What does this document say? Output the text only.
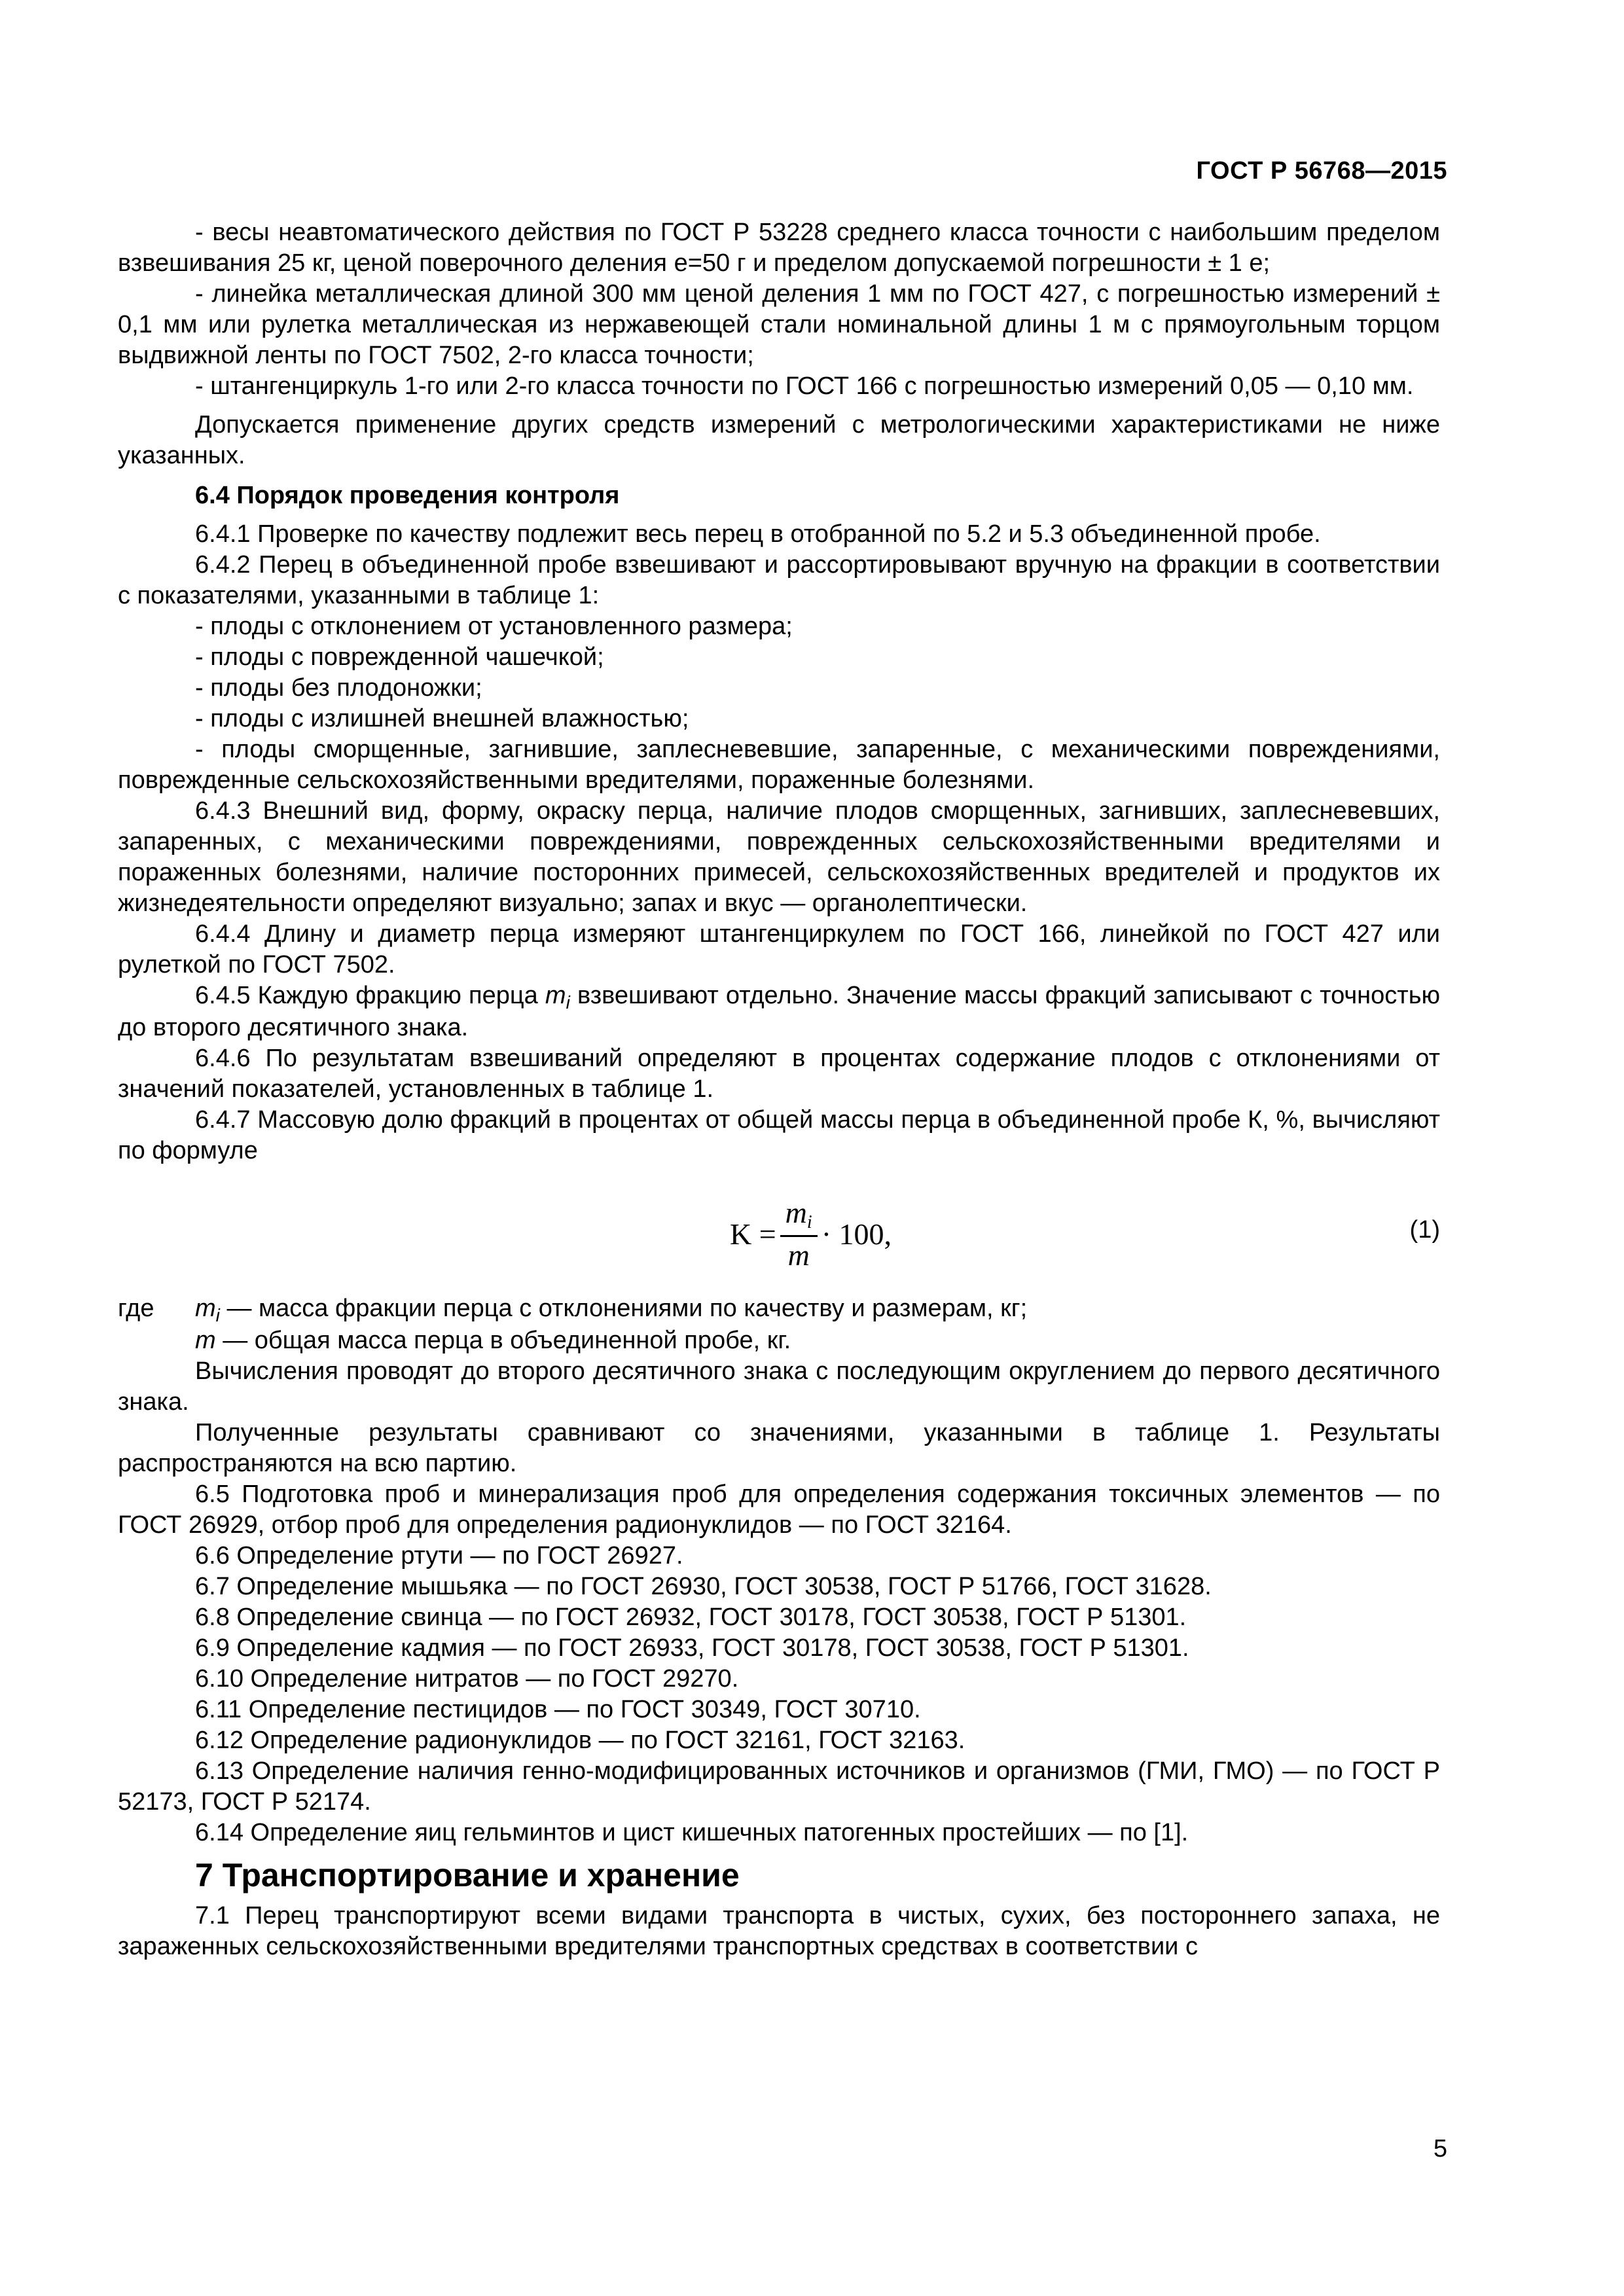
ГОСТ Р 56768—2015

- весы неавтоматического действия по ГОСТ Р 53228 среднего класса точности с наибольшим пределом взвешивания 25 кг, ценой поверочного деления е=50 г и пределом допускаемой погрешности ± 1 е;

- линейка металлическая длиной 300 мм ценой деления 1 мм по ГОСТ 427, с погрешностью измерений ± 0,1 мм или рулетка металлическая из нержавеющей стали номинальной длины 1 м с прямоугольным торцом выдвижной ленты по ГОСТ 7502, 2-го класса точности;

- штангенциркуль 1-го или 2-го класса точности по ГОСТ 166 с погрешностью измерений 0,05 — 0,10 мм.

Допускается применение других средств измерений с метрологическими характеристиками не ниже указанных.

6.4 Порядок проведения контроля

6.4.1 Проверке по качеству подлежит весь перец в отобранной по 5.2 и 5.3 объединенной пробе.

6.4.2 Перец в объединенной пробе взвешивают и рассортировывают вручную на фракции в соответствии с показателями, указанными в таблице 1:

- плоды с отклонением от установленного размера;

- плоды с поврежденной чашечкой;

- плоды без плодоножки;

- плоды с излишней внешней влажностью;

- плоды сморщенные, загнившие, заплесневевшие, запаренные, с механическими повреждениями, поврежденные сельскохозяйственными вредителями, пораженные болезнями.

6.4.3 Внешний вид, форму, окраску перца, наличие плодов сморщенных, загнивших, заплесневевших, запаренных, с механическими повреждениями, поврежденных сельскохозяйственными вредителями и пораженных болезнями, наличие посторонних примесей, сельскохозяйственных вредителей и продуктов их жизнедеятельности определяют визуально; запах и вкус — органолептически.

6.4.4 Длину и диаметр перца измеряют штангенциркулем по ГОСТ 166, линейкой по ГОСТ 427 или рулеткой по ГОСТ 7502.

6.4.5 Каждую фракцию перца $m_i$ взвешивают отдельно. Значение массы фракций записывают с точностью до второго десятичного знака.

6.4.6 По результатам взвешиваний определяют в процентах содержание плодов с отклонениями от значений показателей, установленных в таблице 1.

6.4.7 Массовую долю фракций в процентах от общей массы перца в объединенной пробе К, %, вычисляют по формуле

$K = \frac{mi}{m} \cdot 100$,	(1)
где $m_i$ — масса фракции перца с отклонениями по качеству и размерам, кг;
m — общая масса перца в объединенной пробе, кг.

Вычисления проводят до второго десятичного знака с последующим округлением до первого десятичного знака.

Полученные результаты сравнивают со значениями, указанными в таблице 1. Результаты распространяются на всю партию.

6.5 Подготовка проб и минерализация проб для определения содержания токсичных элементов — по ГОСТ 26929, отбор проб для определения радионуклидов — по ГОСТ 32164.

6.6 Определение ртути — по ГОСТ 26927.

6.7 Определение мышьяка — по ГОСТ 26930, ГОСТ 30538, ГОСТ Р 51766, ГОСТ 31628.

6.8 Определение свинца — по ГОСТ 26932, ГОСТ 30178, ГОСТ 30538, ГОСТ Р 51301.

6.9 Определение кадмия — по ГОСТ 26933, ГОСТ 30178, ГОСТ 30538, ГОСТ Р 51301.

6.10 Определение нитратов — по ГОСТ 29270.

6.11 Определение пестицидов — по ГОСТ 30349, ГОСТ 30710.

6.12 Определение радионуклидов — по ГОСТ 32161, ГОСТ 32163.

6.13 Определение наличия генно-модифицированных источников и организмов (ГМИ, ГМО) — по ГОСТ Р 52173, ГОСТ Р 52174.

6.14 Определение яиц гельминтов и цист кишечных патогенных простейших — по [1].

7 Транспортирование и хранение

7.1 Перец транспортируют всеми видами транспорта в чистых, сухих, без постороннего запаха, не зараженных сельскохозяйственными вредителями транспортных средствах в соответствии с

5
